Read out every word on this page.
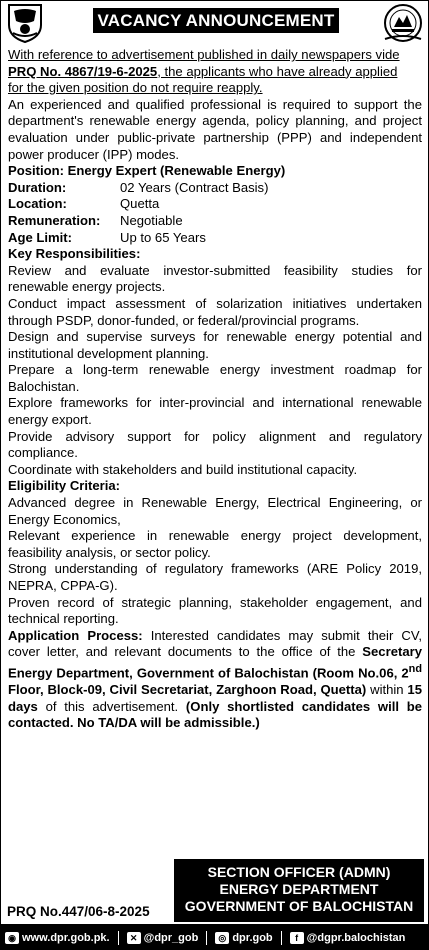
VACANCY ANNOUNCEMENT

With reference to advertisement published in daily newspapers vide

PRQ No. 4867/19-6-2025, the applicants who have already applied

for the given position do not require reapply.

An experienced and qualified professional is required to support the department's renewable energy agenda, policy planning, and project evaluation under public-private partnership (PPP) and independent power producer (IPP) modes.

Position: Energy Expert (Renewable Energy)

Duration:	02 Years (Contract Basis)
Location:	Quetta
Remuneration:	Negotiable
Age Limit:	Up to 65 Years

Key Responsibilities:

Review and evaluate investor-submitted feasibility studies for renewable energy projects.

Conduct impact assessment of solarization initiatives undertaken through PSDP, donor-funded, or federal/provincial programs.

Design and supervise surveys for renewable energy potential and institutional development planning.

Prepare a long-term renewable energy investment roadmap for Balochistan.

Explore frameworks for inter-provincial and international renewable energy export.

Provide advisory support for policy alignment and regulatory compliance.

Coordinate with stakeholders and build institutional capacity.

Eligibility Criteria:

Advanced degree in Renewable Energy, Electrical Engineering, or Energy Economics,

Relevant experience in renewable energy project development, feasibility analysis, or sector policy.

Strong understanding of regulatory frameworks (ARE Policy 2019, NEPRA, CPPA-G).

Proven record of strategic planning, stakeholder engagement, and technical reporting.

Application Process: Interested candidates may submit their CV, cover letter, and relevant documents to the office of the Secretary Energy Department, Government of Balochistan (Room No.06, 2nd Floor, Block-09, Civil Secretariat, Zarghoon Road, Quetta) within 15 days of this advertisement. (Only shortlisted candidates will be contacted. No TA/DA will be admissible.)

SECTION OFFICER (ADMN)
ENERGY DEPARTMENT
GOVERNMENT OF BALOCHISTAN
PRQ No.447/06-8-2025
◉ www.dpr.gob.pk.	✕ @dpr_gob	◎ dpr.gob	f @dgpr.balochistan
